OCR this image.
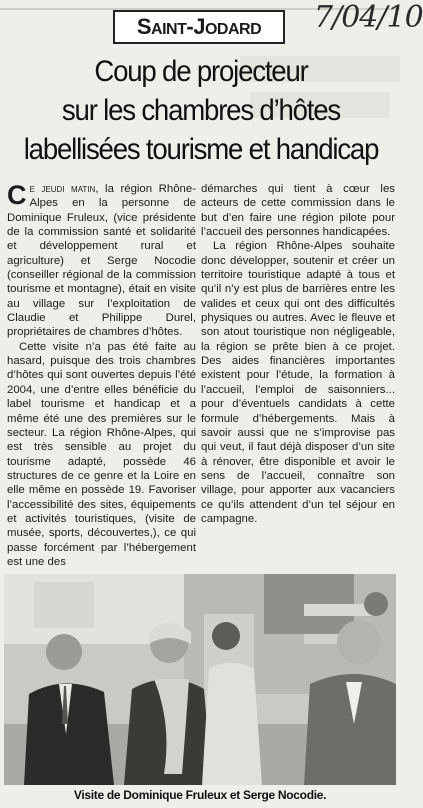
SAINT-JODARD	7/04/10
Coup de projecteur
sur les chambres d’hôtes
labellisées tourisme et handicap

Ce jeudi matin, la région Rhône-Alpes en la personne de Dominique Fruleux, (vice présidente de la commission santé et solidarité et développement rural et agriculture) et Serge Nocodie (conseiller régional de la commission tourisme et montagne), était en visite au village sur l’exploitation de Claudie et Philippe Durel, propriétaires de chambres d’hôtes.

Cette visite n’a pas été faite au hasard, puisque des trois chambres d’hôtes qui sont ouvertes depuis l’été 2004, une d’entre elles bénéficie du label tourisme et handicap et a même été une des premières sur le secteur. La région Rhône-Alpes, qui est très sensible au projet du tourisme adapté, possède 46 structures de ce genre et la Loire en elle même en possède 19. Favoriser l’accessibilité des sites, équipements et activités touristiques, (visite de musée, sports, découvertes,), ce qui passe forcément par l’hébergement est une des

démarches qui tient à cœur les acteurs de cette commission dans le but d’en faire une région pilote pour l’accueil des personnes handicapées.

La région Rhône-Alpes souhaite donc développer, soutenir et créer un territoire touristique adapté à tous et qu’il n’y est plus de barrières entre les valides et ceux qui ont des difficultés physiques ou autres. Avec le fleuve et son atout touristique non négligeable, la région se prête bien à ce projet. Des aides financières importantes existent pour l’étude, la formation à l’accueil, l’emploi de saisonniers... pour d’éventuels candidats à cette formule d’hébergements. Mais à savoir aussi que ne s’improvise pas qui veut, il faut déjà disposer d’un site à rénover, être disponible et avoir le sens de l’accueil, connaître son village, pour apporter aux vacanciers ce qu’ils attendent d’un tel séjour en campagne.

Visite de Dominique Fruleux et Serge Nocodie.
